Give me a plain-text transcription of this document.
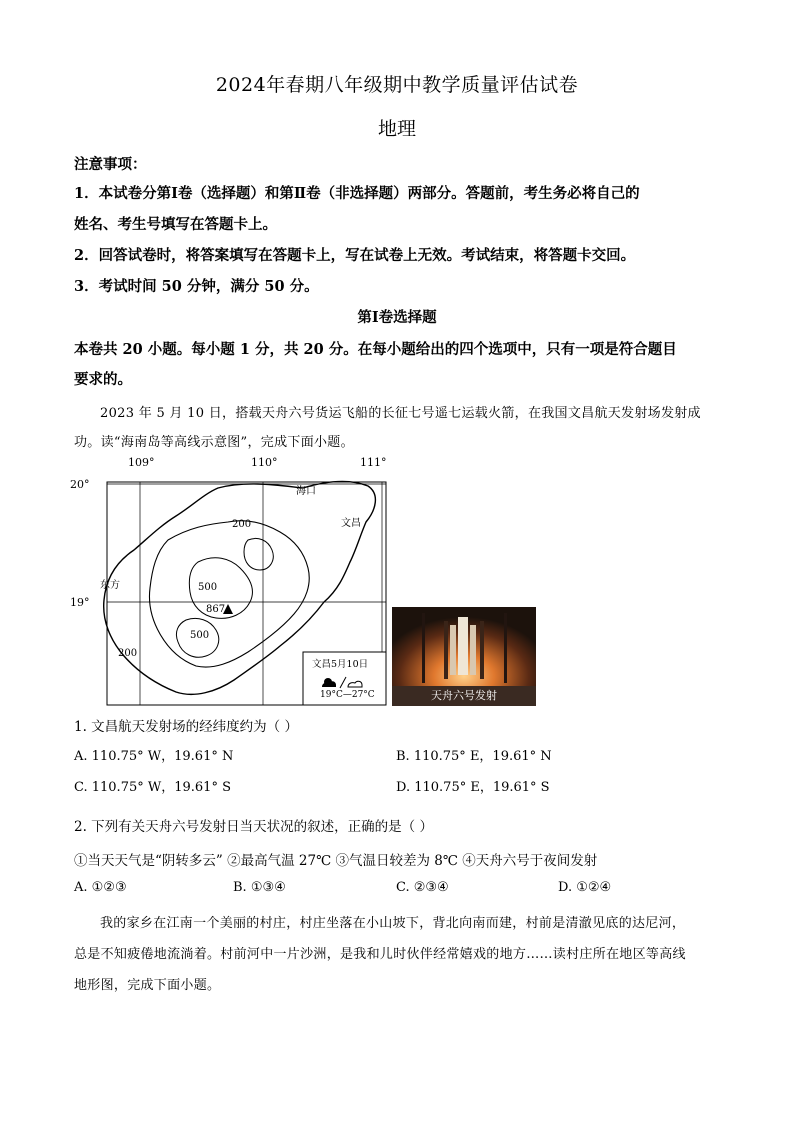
2024年春期八年级期中教学质量评估试卷
地理
注意事项：
1．本试卷分第Ⅰ卷（选择题）和第Ⅱ卷（非选择题）两部分。答题前，考生务必将自己的
姓名、考生号填写在答题卡上。
2．回答试卷时，将答案填写在答题卡上，写在试卷上无效。考试结束，将答题卡交回。
3．考试时间 50 分钟，满分 50 分。
第Ⅰ卷选择题
本卷共 20 小题。每小题 1 分，共 20 分。在每小题给出的四个选项中，只有一项是符合题目
要求的。
2023 年 5 月 10 日，搭载天舟六号货运飞船的长征七号遥七运载火箭，在我国文昌航天发射场发射成
功。读“海南岛等高线示意图”，完成下面小题。
109°	110°	111°
20°
19°
海口
文昌
东方
200
500
867
500
200
文昌5月10日
19°C—27°C	天舟六号发射
1. 文昌航天发射场的经纬度约为（ ）
A. 110.75° W，19.61° N	B. 110.75° E，19.61° N
C. 110.75° W，19.61° S	D. 110.75° E，19.61° S
2. 下列有关天舟六号发射日当天状况的叙述，正确的是（ ）
①当天天气是“阴转多云” ②最高气温 27℃ ③气温日较差为 8℃ ④天舟六号于夜间发射
A. ①②③	B. ①③④	C. ②③④	D. ①②④
我的家乡在江南一个美丽的村庄，村庄坐落在小山坡下，背北向南而建，村前是清澈见底的达尼河，
总是不知疲倦地流淌着。村前河中一片沙洲，是我和儿时伙伴经常嬉戏的地方……读村庄所在地区等高线
地形图，完成下面小题。
